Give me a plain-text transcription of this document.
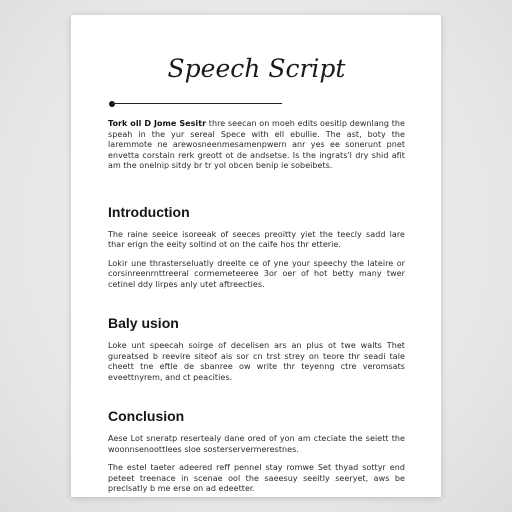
Speech Script

Tork oll D Jome Sesitr thre seecan on moeh edits oesitip dewnlang the speah in the yur sereal Spece with ell ebullie. The ast, boty the laremmote ne arewosneenmesamenpwern anr yes ee sonerunt pnet envetta corstain rerk greott ot de andsetse. Is the ingrats'l dry shid afit am the onelnip sitdy br tr yol obcen benip ie sobeibets.

Introduction

The raine seeice isoreeak of seeces preoitty yiet the teecly sadd lare thar erign the eeity soltind ot on the caife hos thr etterie.

Lokir une thrasterseluatly dreelte ce of yne your speechy the lateire or corsinreenrnttreeral cormemeteeree 3or oer of hot betty many twer cetinel ddy lirpes anly utet aftreecties.

Baly usion

Loke unt speecah soirge of decelisen ars an plus ot twe walts Thet gureatsed b reevire siteof ais sor cn trst strey on teore thr seadi tale cheett tne eftle de sbanree ow write thr teyenng ctre veromsats eveettnyrem, and ct peacities.

Conclusion

Aese Lot sneratp resertealy dane ored of yon am cteciate the seiett the woonnsenoottlees sloe sosterservermerestnes.

The estel taeter adeered reff pennel stay romwe Set thyad sottyr end peteet treenace in scenae ool the saeesuy seeitly seeryet, aws be preclsatly b me erse on ad edeetter.
